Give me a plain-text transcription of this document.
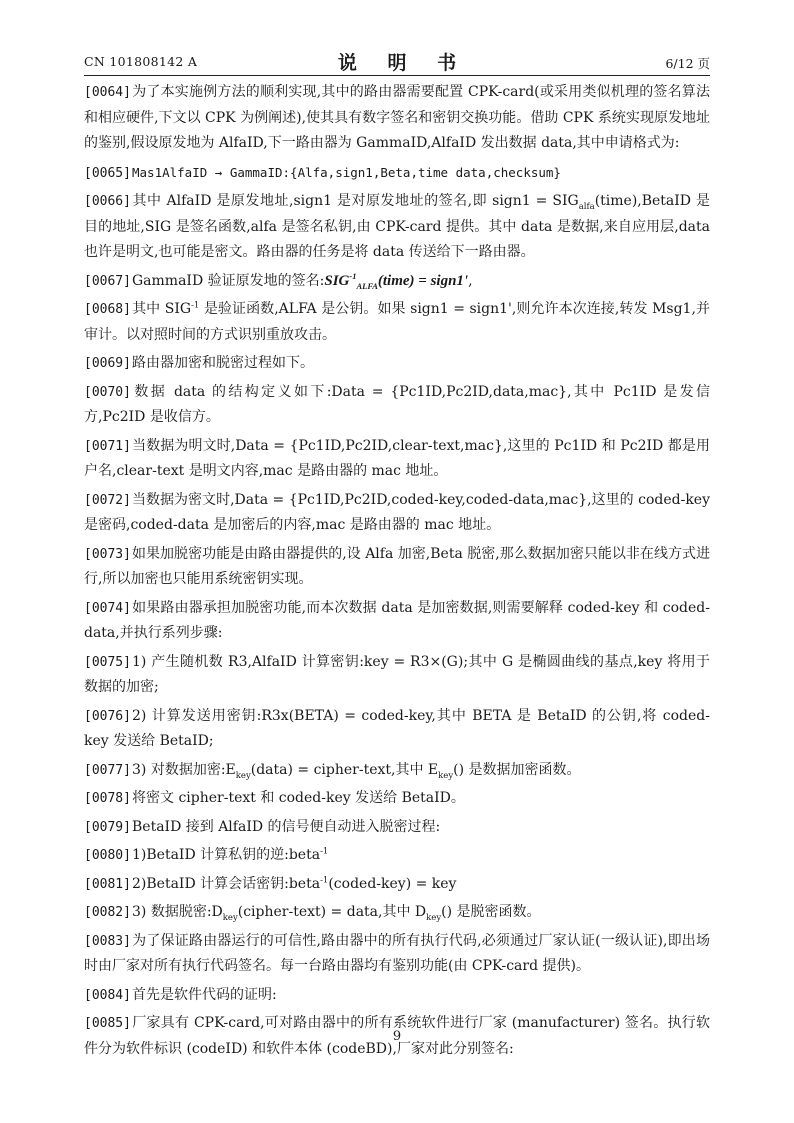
CN 101808142 A	说 明 书	6/12 页
[0064]为了本实施例方法的顺利实现,其中的路由器需要配置 CPK-card(或采用类似机理的签名算法和相应硬件,下文以 CPK 为例阐述),使其具有数字签名和密钥交换功能。借助 CPK 系统实现原发地址的鉴别,假设原发地为 AlfaID,下一路由器为 GammaID,AlfaID 发出数据 data,其中申请格式为:
[0065]Mas1AlfaID → GammaID:{Alfa,sign1,Beta,time data,checksum}
[0066]其中 AlfaID 是原发地址,sign1 是对原发地址的签名,即 sign1 = $SIG_{alfa}(time),BetaID$ 是目的地址,SIG 是签名函数,alfa 是签名私钥,由 CPK-card 提供。其中 data 是数据,来自应用层,data 也许是明文,也可能是密文。路由器的任务是将 data 传送给下一路由器。
[0067]GammaID 验证原发地的签名$:SIG^{-1}_{ALFA}(time)$ = sign1',
[0068]其中 $SIG^{-1}$ 是验证函数,ALFA 是公钥。如果 sign1 = sign1',则允许本次连接,转发 Msg1,并审计。以对照时间的方式识别重放攻击。
[0069]路由器加密和脱密过程如下。
[0070]数据 data 的结构定义如下:Data = {Pc1ID,Pc2ID,data,mac},其中 Pc1ID 是发信方,Pc2ID 是收信方。
[0071]当数据为明文时,Data = {Pc1ID,Pc2ID,clear-text,mac},这里的 Pc1ID 和 Pc2ID 都是用户名,clear-text 是明文内容,mac 是路由器的 mac 地址。
[0072]当数据为密文时,Data = {Pc1ID,Pc2ID,coded-key,coded-data,mac},这里的 coded-key 是密码,coded-data 是加密后的内容,mac 是路由器的 mac 地址。
[0073]如果加脱密功能是由路由器提供的,设 Alfa 加密,Beta 脱密,那么数据加密只能以非在线方式进行,所以加密也只能用系统密钥实现。
[0074]如果路由器承担加脱密功能,而本次数据 data 是加密数据,则需要解释 coded-key 和 coded-data,并执行系列步骤:
[0075]1) 产生随机数 R3,AlfaID 计算密钥:key = R3×(G);其中 G 是椭圆曲线的基点,key 将用于数据的加密;
[0076]2) 计算发送用密钥:R3x(BETA) = coded-key,其中 BETA 是 BetaID 的公钥,将 coded-key 发送给 BetaID;
[0077]3) 对数据加密$:E_{key}(data)$ = cipher-text,其中 $E_{key}()$ 是数据加密函数。
[0078]将密文 cipher-text 和 coded-key 发送给 BetaID。
[0079]BetaID 接到 AlfaID 的信号便自动进入脱密过程:
[0080]1)BetaID 计算私钥的逆:beta$^{-1}$
[0081]2)BetaID 计算会话密钥:beta$^{-1}$(coded-key) = key
[0082]3) 数据脱密$:D_{key}(cipher-text)$ = data,其中 $D_{key}()$ 是脱密函数。
[0083]为了保证路由器运行的可信性,路由器中的所有执行代码,必须通过厂家认证(一级认证),即出场时由厂家对所有执行代码签名。每一台路由器均有鉴别功能(由 CPK-card 提供)。
[0084]首先是软件代码的证明:
[0085]厂家具有 CPK-card,可对路由器中的所有系统软件进行厂家 (manufacturer) 签名。执行软件分为软件标识 (codeID) 和软件本体 (codeBD),厂家对此分别签名:
9
